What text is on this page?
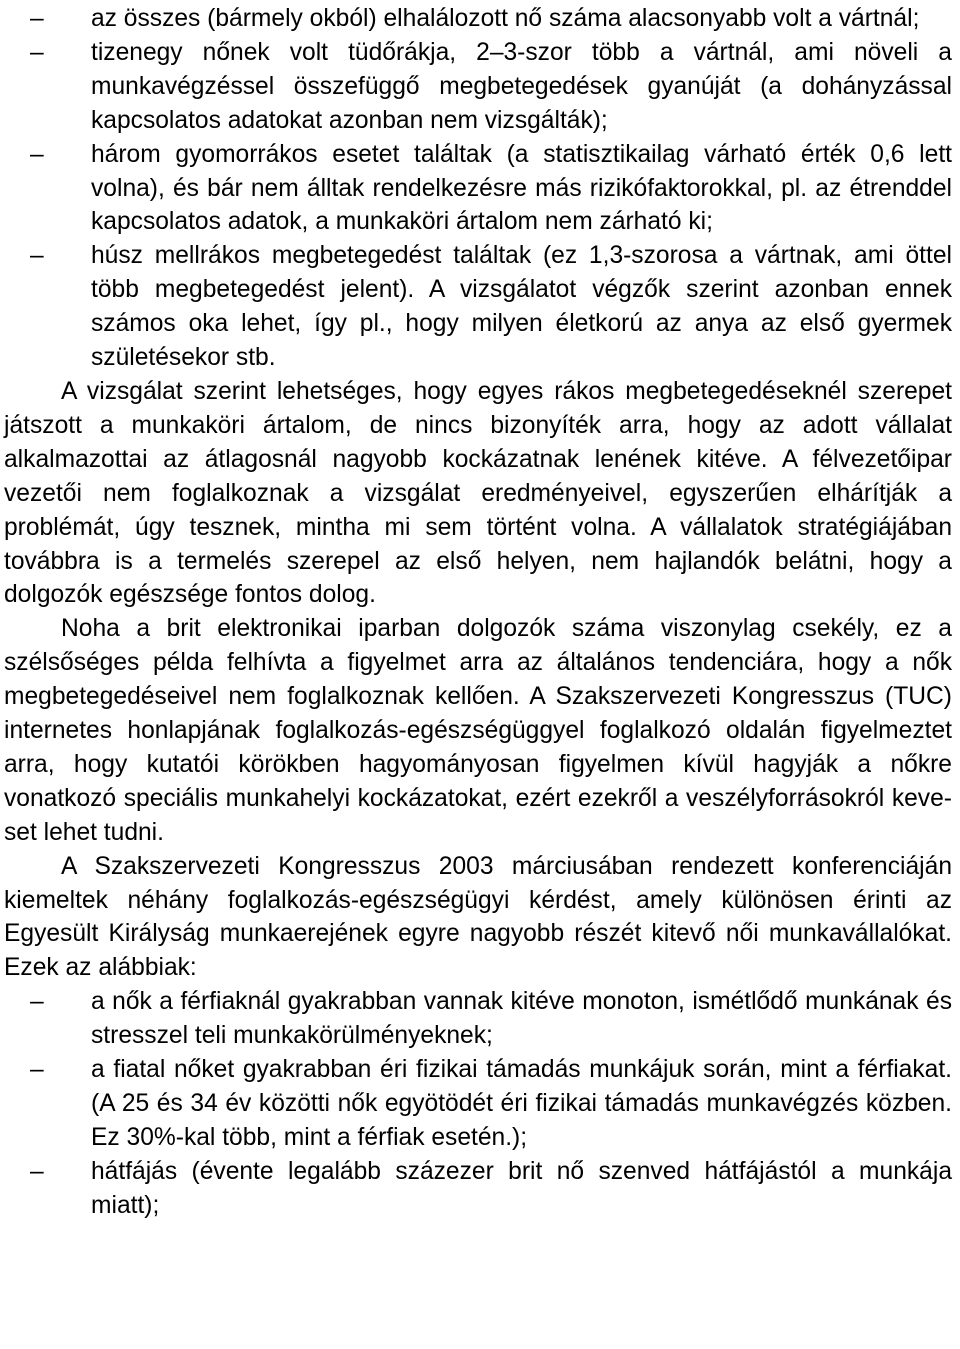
–	az összes (bármely okból) elhalálozott nő száma alacsonyabb volt a vártnál;
–	tizenegy nőnek volt tüdőrákja, 2–3-szor több a vártnál, ami növeli a munkavégzéssel összefüggő megbetegedések gyanúját (a dohányzással kapcsolatos adatokat azonban nem vizsgálták);
–	három gyomorrákos esetet találtak (a statisztikailag várható érték 0,6 lett volna), és bár nem álltak rendelkezésre más rizikófaktorokkal, pl. az étrenddel kapcsolatos adatok, a munkaköri ártalom nem zárható ki;
–	húsz mellrákos megbetegedést találtak (ez 1,3-szorosa a vártnak, ami öttel több megbetegedést jelent). A vizsgálatot végzők szerint azonban ennek számos oka lehet, így pl., hogy milyen életkorú az anya az első gyermek születésekor stb.

A vizsgálat szerint lehetséges, hogy egyes rákos megbetegedéseknél szerepet játszott a munkaköri ártalom, de nincs bizonyíték arra, hogy az adott vállalat alkalmazottai az átlagosnál nagyobb kockázatnak lenének kitéve. A félvezetőipar vezetői nem foglalkoznak a vizsgálat eredményeivel, egyszerűen elhárítják a problémát, úgy tesznek, mintha mi sem történt volna. A vállalatok stratégiájában továbbra is a termelés szerepel az első helyen, nem hajlandók belátni, hogy a dolgozók egészsége fontos dolog.

Noha a brit elektronikai iparban dolgozók száma viszonylag csekély, ez a szélsőséges példa felhívta a figyelmet arra az általános tendenciára, hogy a nők megbetegedéseivel nem foglalkoznak kellően. A Szakszervezeti Kongresszus (TUC) internetes honlapjának foglalkozás-egészségüggyel foglalkozó oldalán figyelmeztet arra, hogy kutatói körökben hagyományosan figyelmen kívül hagyják a nőkre vonatkozó speciális munkahelyi kockázatokat, ezért ezekről a veszélyforrásokról keveset lehet tudni.

A Szakszervezeti Kongresszus 2003 márciusában rendezett konferenciáján kiemeltek néhány foglalkozás-egészségügyi kérdést, amely különösen érinti az Egyesült Királyság munkaerejének egyre nagyobb részét kitevő női munkavállalókat. Ezek az alábbiak:

–	a nők a férfiaknál gyakrabban vannak kitéve monoton, ismétlődő munkának és stresszel teli munkakörülményeknek;
–	a fiatal nőket gyakrabban éri fizikai támadás munkájuk során, mint a férfiakat. (A 25 és 34 év közötti nők egyötödét éri fizikai támadás munkavégzés közben. Ez 30%-kal több, mint a férfiak esetén.);
–	hátfájás (évente legalább százezer brit nő szenved hátfájástól a munkája miatt);
